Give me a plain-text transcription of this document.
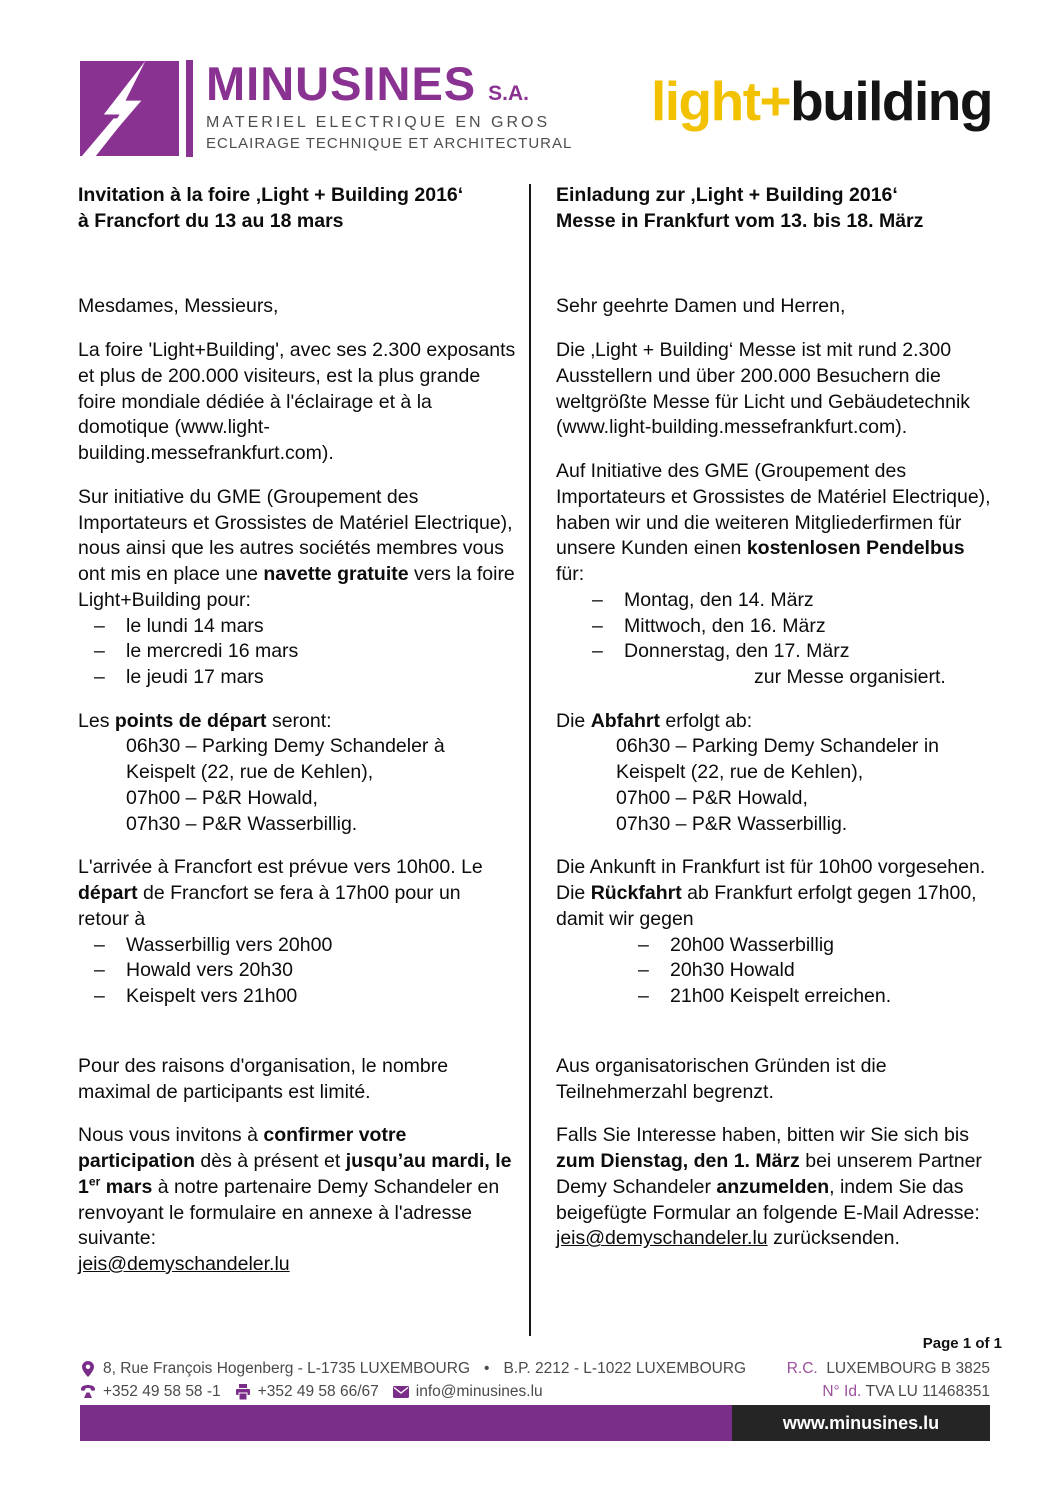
MINUSINES S.A.
MATERIEL ELECTRIQUE EN GROS
ECLAIRAGE TECHNIQUE ET ARCHITECTURAL
light+building
Invitation à la foire ‚Light + Building 2016‘
à Francfort du 13 au 18 mars

Mesdames, Messieurs,

La foire 'Light+Building', avec ses 2.300 exposants et plus de 200.000 visiteurs, est la plus grande foire mondiale dédiée à l'éclairage et à la domotique (www.light-building.messefrankfurt.com).

Sur initiative du GME (Groupement des Importateurs et Grossistes de Matériel Electrique), nous ainsi que les autres sociétés membres vous ont mis en place une navette gratuite vers la foire Light+Building pour:

– le lundi 14 mars
– le mercredi 16 mars
– le jeudi 17 mars

Les points de départ seront:

06h30 – Parking Demy Schandeler à Keispelt (22, rue de Kehlen),
07h00 – P&R Howald,
07h30 – P&R Wasserbillig.

L'arrivée à Francfort est prévue vers 10h00. Le départ de Francfort se fera à 17h00 pour un retour à

– Wasserbillig vers 20h00
– Howald vers 20h30
– Keispelt vers 21h00

Pour des raisons d'organisation, le nombre maximal de participants est limité.

Nous vous invitons à confirmer votre participation dès à présent et jusqu’au mardi, le 1er mars à notre partenaire Demy Schandeler en renvoyant le formulaire en annexe à l'adresse suivante:
jeis@demyschandeler.lu

Einladung zur ‚Light + Building 2016‘
Messe in Frankfurt vom 13. bis 18. März

Sehr geehrte Damen und Herren,

Die ‚Light + Building‘ Messe ist mit rund 2.300 Ausstellern und über 200.000 Besuchern die weltgrößte Messe für Licht und Gebäudetechnik (www.light-building.messefrankfurt.com).

Auf Initiative des GME (Groupement des Importateurs et Grossistes de Matériel Electrique), haben wir und die weiteren Mitgliederfirmen für unsere Kunden einen kostenlosen Pendelbus für:

– Montag, den 14. März
– Mittwoch, den 16. März
– Donnerstag, den 17. März
zur Messe organisiert.

Die Abfahrt erfolgt ab:

06h30 – Parking Demy Schandeler in Keispelt (22, rue de Kehlen),
07h00 – P&R Howald,
07h30 – P&R Wasserbillig.

Die Ankunft in Frankfurt ist für 10h00 vorgesehen.
Die Rückfahrt ab Frankfurt erfolgt gegen 17h00, damit wir gegen

– 20h00 Wasserbillig
– 20h30 Howald
– 21h00 Keispelt erreichen.

Aus organisatorischen Gründen ist die Teilnehmerzahl begrenzt.

Falls Sie Interesse haben, bitten wir Sie sich bis zum Dienstag, den 1. März bei unserem Partner Demy Schandeler anzumelden, indem Sie das beigefügte Formular an folgende E-Mail Adresse:
jeis@demyschandeler.lu zurücksenden.

Page 1 of 1
8, Rue François Hogenberg - L-1735 LUXEMBOURG • B.P. 2212 - L-1022 LUXEMBOURG
+352 49 58 58 -1 +352 49 58 66/67 info@minusines.lu
R.C. LUXEMBOURG B 3825
N° Id. TVA LU 11468351
www.minusines.lu
